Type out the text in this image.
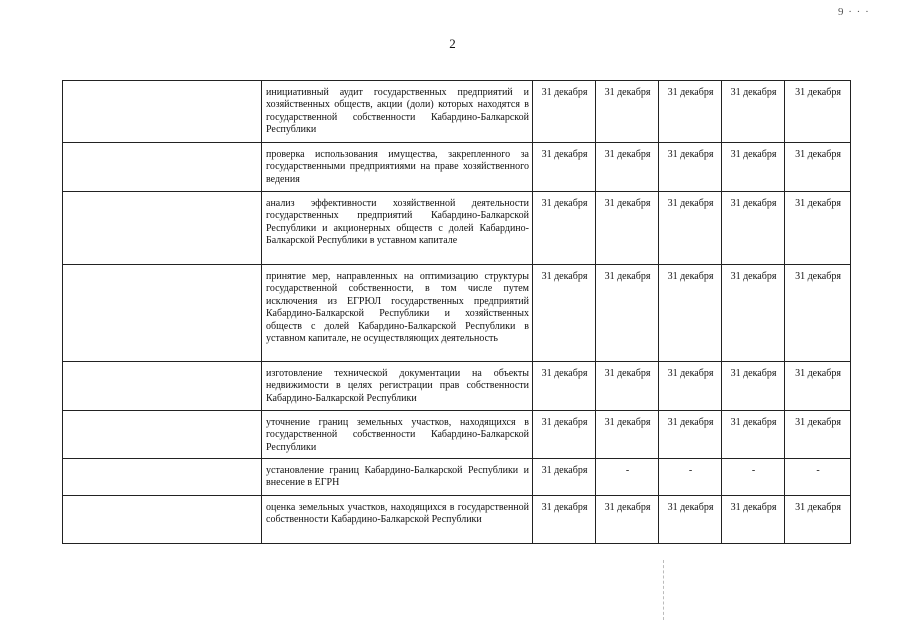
2
9 · · ·
	инициативный аудит государственных предприятий и хозяйственных обществ, акции (доли) которых находятся в государственной собственности Кабардино-Балкарской Республики	31 декабря	31 декабря	31 декабря	31 декабря	31 декабря
	проверка использования имущества, закрепленного за государственными предприятиями на праве хозяйственного ведения	31 декабря	31 декабря	31 декабря	31 декабря	31 декабря
	анализ эффективности хозяйственной деятельности государственных предприятий Кабардино-Балкарской Республики и акционерных обществ с долей Кабардино-Балкарской Республики в уставном капитале	31 декабря	31 декабря	31 декабря	31 декабря	31 декабря
	принятие мер, направленных на оптимизацию структуры государственной собственности, в том числе путем исключения из ЕГРЮЛ государственных предприятий Кабардино-Балкарской Республики и хозяйственных обществ с долей Кабардино-Балкарской Республики в уставном капитале, не осуществляющих деятельность	31 декабря	31 декабря	31 декабря	31 декабря	31 декабря
	изготовление технической документации на объекты недвижимости в целях регистрации прав собственности Кабардино-Балкарской Республики	31 декабря	31 декабря	31 декабря	31 декабря	31 декабря
	уточнение границ земельных участков, находящихся в государственной собственности Кабардино-Балкарской Республики	31 декабря	31 декабря	31 декабря	31 декабря	31 декабря
	установление границ Кабардино-Балкарской Республики и внесение в ЕГРН	31 декабря	-	-	-	-
	оценка земельных участков, находящихся в государственной собственности Кабардино-Балкарской Республики	31 декабря	31 декабря	31 декабря	31 декабря	31 декабря
